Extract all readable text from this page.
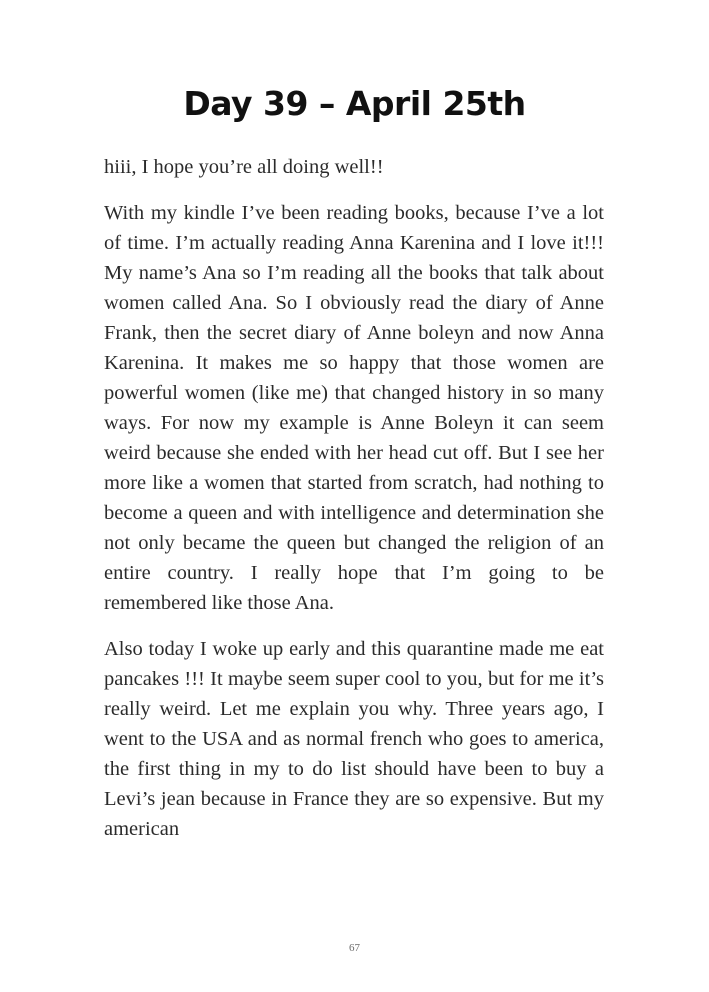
Day 39 – April 25th

hiii, I hope you’re all doing well!!

With my kindle I’ve been reading books, because I’ve a lot of time. I’m actually reading Anna Karenina and I love it!!! My name’s Ana so I’m reading all the books that talk about women called Ana. So I obviously read the diary of Anne Frank, then the secret diary of Anne boleyn and now Anna Karenina. It makes me so happy that those women are powerful women (like me) that changed history in so many ways. For now my example is Anne Boleyn it can seem weird because she ended with her head cut off. But I see her more like a women that started from scratch, had nothing to become a queen and with intelligence and determination she not only became the queen but changed the religion of an entire country. I really hope that I’m going to be remembered like those Ana.

Also today I woke up early and this quarantine made me eat pancakes !!! It maybe seem super cool to you, but for me it’s really weird. Let me explain you why. Three years ago, I went to the USA and as normal french who goes to america, the first thing in my to do list should have been to buy a Levi’s jean because in France they are so expensive. But my american

67
